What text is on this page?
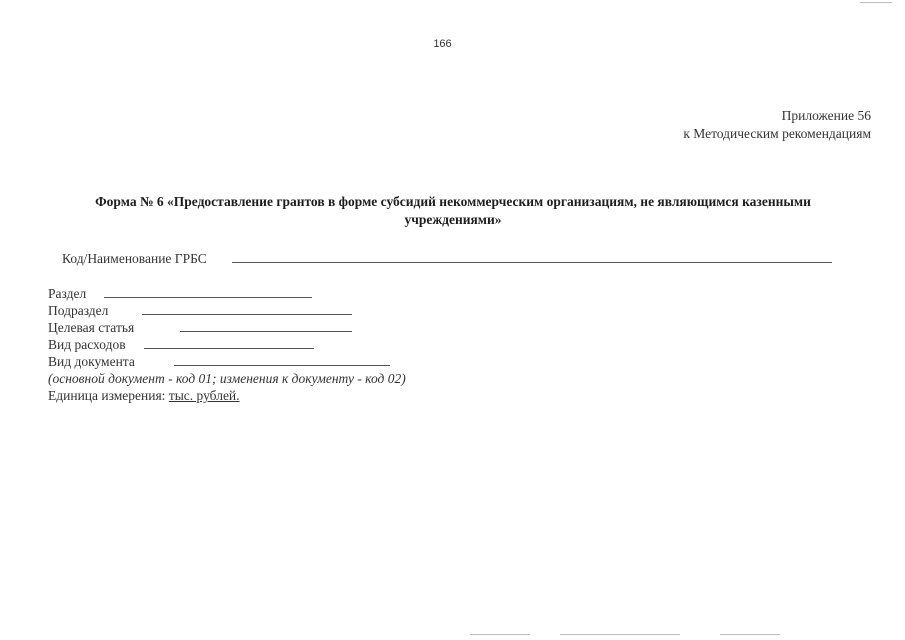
166
Приложение 56
к Методическим рекомендациям
Форма № 6 «Предоставление грантов в форме субсидий некоммерческим организациям, не являющимся казенными
учреждениями»
Код/Наименование ГРБС
Раздел
Подраздел
Целевая статья
Вид расходов
Вид документа
(основной документ - код 01; изменения к документу - код 02)
Единица измерения: тыс. рублей.
